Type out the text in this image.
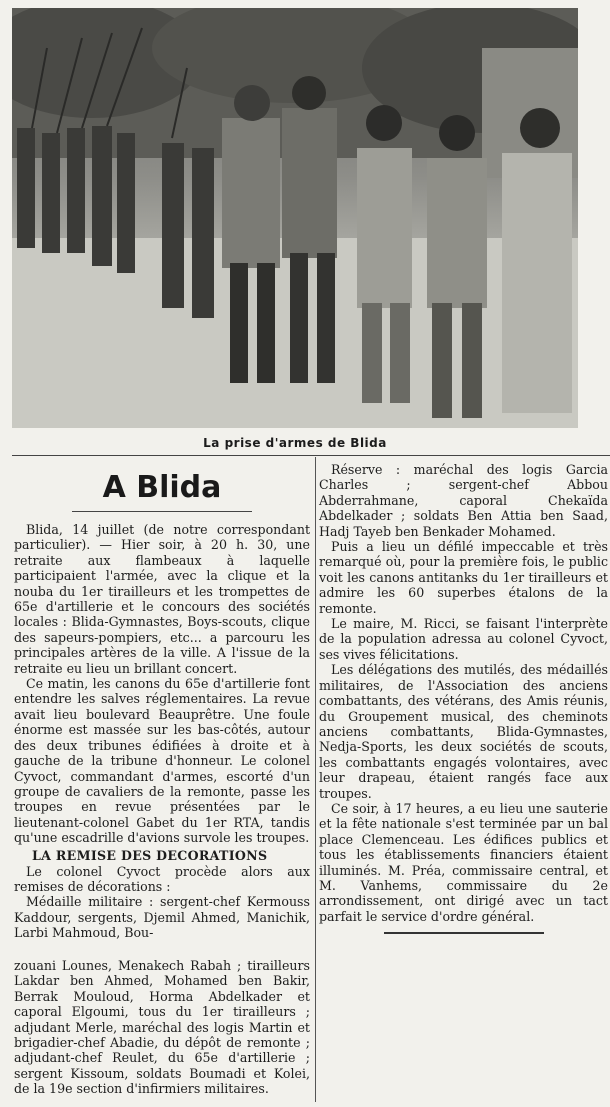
La prise d'armes de Blida
A Blida

Blida, 14 juillet (de notre correspondant particulier). — Hier soir, à 20 h. 30, une retraite aux flambeaux à laquelle participaient l'armée, avec la clique et la nouba du 1er tirailleurs et les trompettes de 65e d'artillerie et le concours des sociétés locales : Blida-Gymnastes, Boys-scouts, clique des sapeurs-pompiers, etc... a parcouru les principales artères de la ville. A l'issue de la retraite eu lieu un brillant concert.

Ce matin, les canons du 65e d'artillerie font entendre les salves réglementaires. La revue avait lieu boulevard Beauprêtre. Une foule énorme est massée sur les bas-côtés, autour des deux tribunes édifiées à droite et à gauche de la tribune d'honneur. Le colonel Cyvoct, commandant d'armes, escorté d'un groupe de cavaliers de la remonte, passe les troupes en revue présentées par le lieutenant-colonel Gabet du 1er RTA, tandis qu'une escadrille d'avions survole les troupes.

LA REMISE DES DECORATIONS

Le colonel Cyvoct procède alors aux remises de décorations :

Médaille militaire : sergent-chef Kermouss Kaddour, sergents, Djemil Ahmed, Manichik, Larbi Mahmoud, Bou-

zouani Lounes, Menakech Rabah ; tirailleurs Lakdar ben Ahmed, Mohamed ben Bakir, Berrak Mouloud, Horma Abdelkader et caporal Elgoumi, tous du 1er tirailleurs ; adjudant Merle, maréchal des logis Martin et brigadier-chef Abadie, du dépôt de remonte ; adjudant-chef Reulet, du 65e d'artillerie ; sergent Kissoum, soldats Boumadi et Kolei, de la 19e section d'infirmiers militaires.

Réserve : maréchal des logis Garcia Charles ; sergent-chef Abbou Abderrahmane, caporal Chekaïda Abdelkader ; soldats Ben Attia ben Saad, Hadj Tayeb ben Benkader Mohamed.

Puis a lieu un défilé impeccable et très remarqué où, pour la première fois, le public voit les canons antitanks du 1er tirailleurs et admire les 60 superbes étalons de la remonte.

Le maire, M. Ricci, se faisant l'interprète de la population adressa au colonel Cyvoct, ses vives félicitations.

Les délégations des mutilés, des médaillés militaires, de l'Association des anciens combattants, des vétérans, des Amis réunis, du Groupement musical, des cheminots anciens combattants, Blida-Gymnastes, Nedja-Sports, les deux sociétés de scouts, les combattants engagés volontaires, avec leur drapeau, étaient rangés face aux troupes.

Ce soir, à 17 heures, a eu lieu une sauterie et la fête nationale s'est terminée par un bal place Clemenceau. Les édifices publics et tous les établissements financiers étaient illuminés. M. Préa, commissaire central, et M. Vanhems, commissaire du 2e arrondissement, ont dirigé avec un tact parfait le service d'ordre général.
